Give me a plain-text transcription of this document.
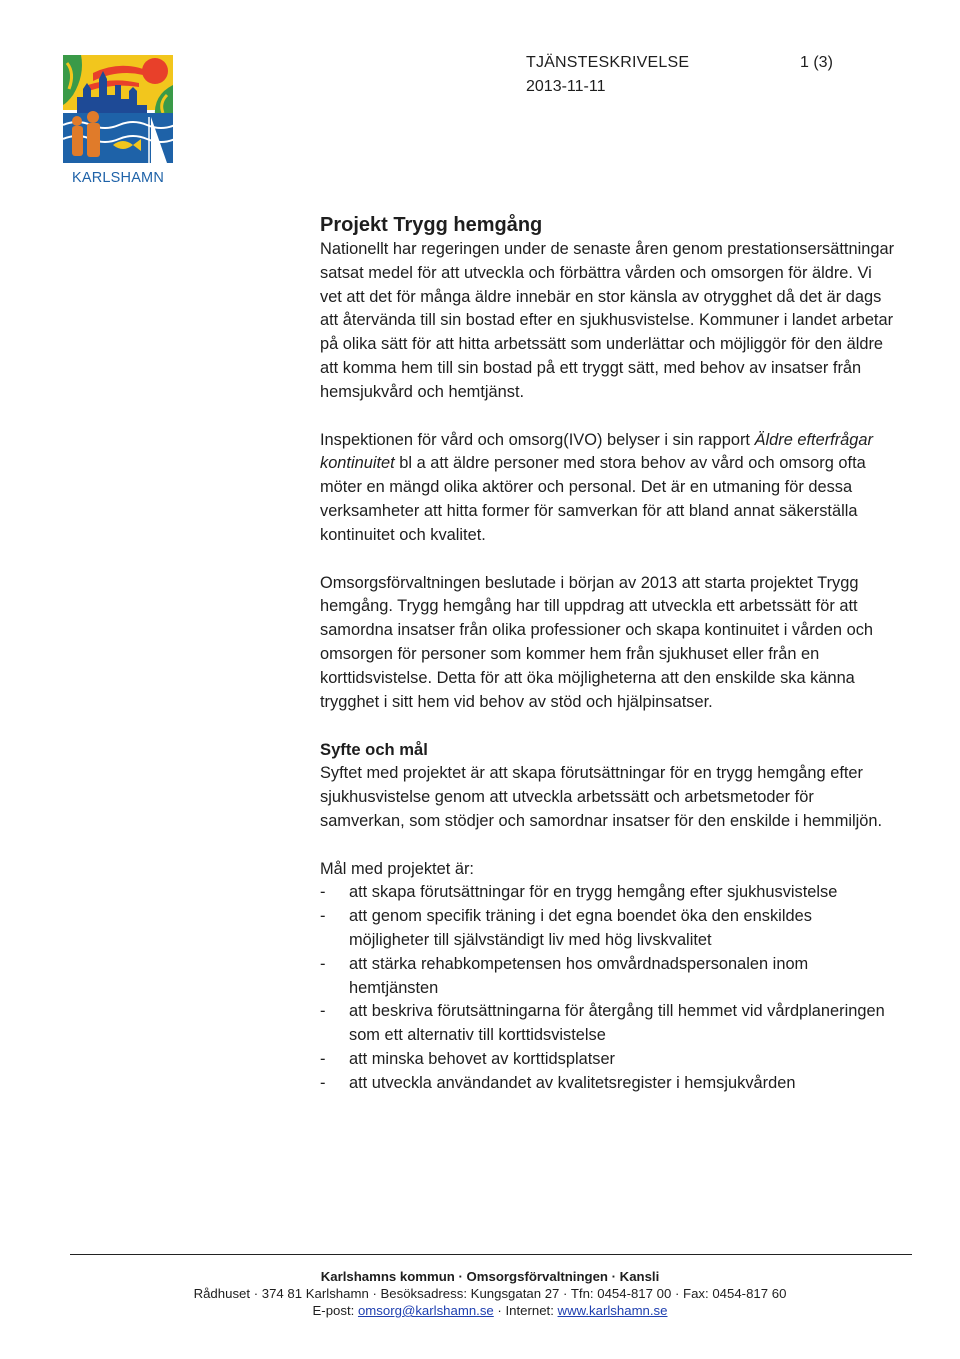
KARLSHAMN
TJÄNSTESKRIVELSE
2013-11-11
1 (3)
Projekt Trygg hemgång

Nationellt har regeringen under de senaste åren genom prestationsersättningar satsat medel för att utveckla och förbättra vården och omsorgen för äldre. Vi vet att det för många äldre innebär en stor känsla av otrygghet då det är dags att återvända till sin bostad efter en sjukhusvistelse. Kommuner i landet arbetar på olika sätt för att hitta arbetssätt som underlättar och möjliggör för den äldre att komma hem till sin bostad på ett tryggt sätt, med behov av insatser från hemsjukvård och hemtjänst.

Inspektionen för vård och omsorg(IVO) belyser i sin rapport Äldre efterfrågar kontinuitet bl a att äldre personer med stora behov av vård och omsorg ofta möter en mängd olika aktörer och personal. Det är en utmaning för dessa verksamheter att hitta former för samverkan för att bland annat säkerställa kontinuitet och kvalitet.

Omsorgsförvaltningen beslutade i början av 2013 att starta projektet Trygg hemgång. Trygg hemgång har till uppdrag att utveckla ett arbetssätt för att samordna insatser från olika professioner och skapa kontinuitet i vården och omsorgen för personer som kommer hem från sjukhuset eller från en korttidsvistelse. Detta för att öka möjligheterna att den enskilde ska känna trygghet i sitt hem vid behov av stöd och hjälpinsatser.

Syfte och mål

Syftet med projektet är att skapa förutsättningar för en trygg hemgång efter sjukhusvistelse genom att utveckla arbetssätt och arbetsmetoder för samverkan, som stödjer och samordnar insatser för den enskilde i hemmiljön.

Mål med projektet är:

- att skapa förutsättningar för en trygg hemgång efter sjukhusvistelse
- att genom specifik träning i det egna boendet öka den enskildes möjligheter till självständigt liv med hög livskvalitet
- att stärka rehabkompetensen hos omvårdnadspersonalen inom hemtjänsten
- att beskriva förutsättningarna för återgång till hemmet vid vårdplaneringen som ett alternativ till korttidsvistelse
- att minska behovet av korttidsplatser
- att utveckla användandet av kvalitetsregister i hemsjukvården
Karlshamns kommun · Omsorgsförvaltningen · Kansli
Rådhuset · 374 81 Karlshamn · Besöksadress: Kungsgatan 27 · Tfn: 0454-817 00 · Fax: 0454-817 60
E-post: omsorg@karlshamn.se · Internet: www.karlshamn.se
